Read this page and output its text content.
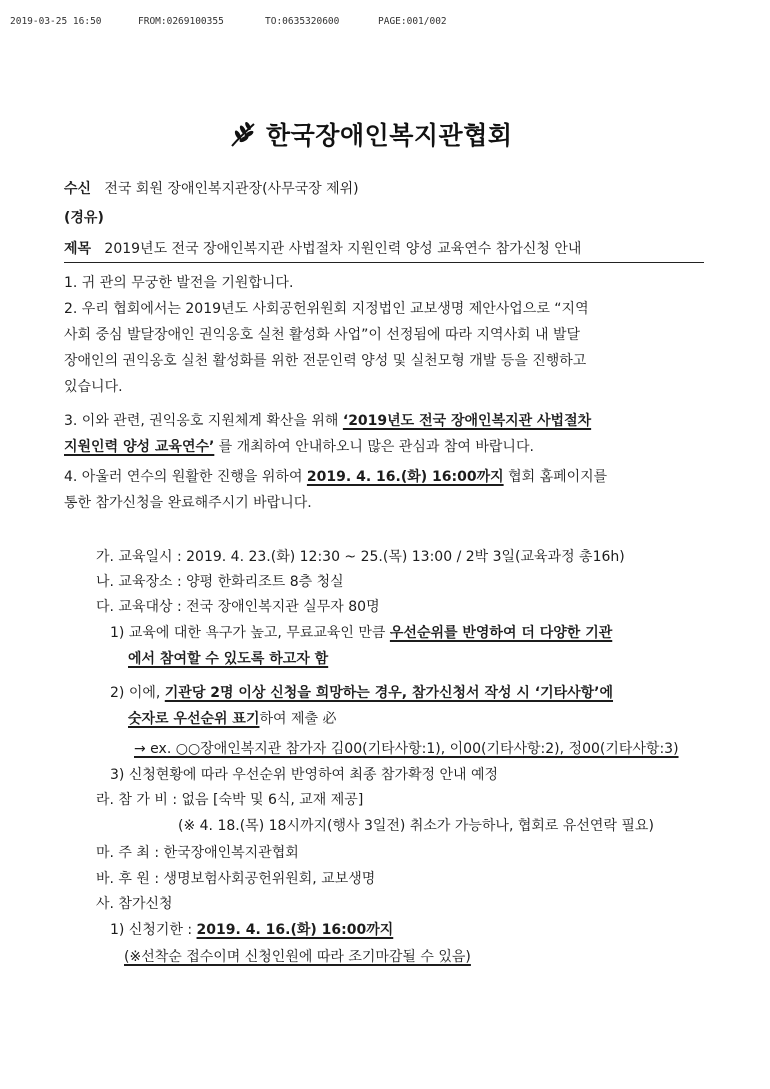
2019-03-25 16:50

	FROM:0269100355

	TO:0635320600

	PAGE:001/002

한국장애인복지관협회
수신 전국 회원 장애인복지관장(사무국장 제위)
(경유)
제목 2019년도 전국 장애인복지관 사법절차 지원인력 양성 교육연수 참가신청 안내
1. 귀 관의 무궁한 발전을 기원합니다.
2. 우리 협회에서는 2019년도 사회공헌위원회 지정법인 교보생명 제안사업으로 “지역
사회 중심 발달장애인 권익옹호 실천 활성화 사업”이 선정됨에 따라 지역사회 내 발달
장애인의 권익옹호 실천 활성화를 위한 전문인력 양성 및 실천모형 개발 등을 진행하고
있습니다.
3. 이와 관련, 권익옹호 지원체계 확산을 위해 ‘2019년도 전국 장애인복지관 사법절차
지원인력 양성 교육연수’ 를 개최하여 안내하오니 많은 관심과 참여 바랍니다.
4. 아울러 연수의 원활한 진행을 위하여 2019. 4. 16.(화) 16:00까지 협회 홈페이지를
통한 참가신청을 완료해주시기 바랍니다.
가. 교육일시 : 2019. 4. 23.(화) 12:30 ~ 25.(목) 13:00 / 2박 3일(교육과정 총16h)
나. 교육장소 : 양평 한화리조트 8층 청실
다. 교육대상 : 전국 장애인복지관 실무자 80명
1) 교육에 대한 욕구가 높고, 무료교육인 만큼 우선순위를 반영하여 더 다양한 기관
에서 참여할 수 있도록 하고자 함
2) 이에, 기관당 2명 이상 신청을 희망하는 경우, 참가신청서 작성 시 ‘기타사항’에
숫자로 우선순위 표기하여 제출 必
→ ex. ○○장애인복지관 참가자 김00(기타사항:1), 이00(기타사항:2), 정00(기타사항:3)
3) 신청현황에 따라 우선순위 반영하여 최종 참가확정 안내 예정
라. 참 가 비 : 없음 [숙박 및 6식, 교재 제공]
(※ 4. 18.(목) 18시까지(행사 3일전) 취소가 가능하나, 협회로 유선연락 필요)
마. 주 최 : 한국장애인복지관협회
바. 후 원 : 생명보험사회공헌위원회, 교보생명
사. 참가신청
1) 신청기한 : 2019. 4. 16.(화) 16:00까지
(※선착순 접수이며 신청인원에 따라 조기마감될 수 있음)
